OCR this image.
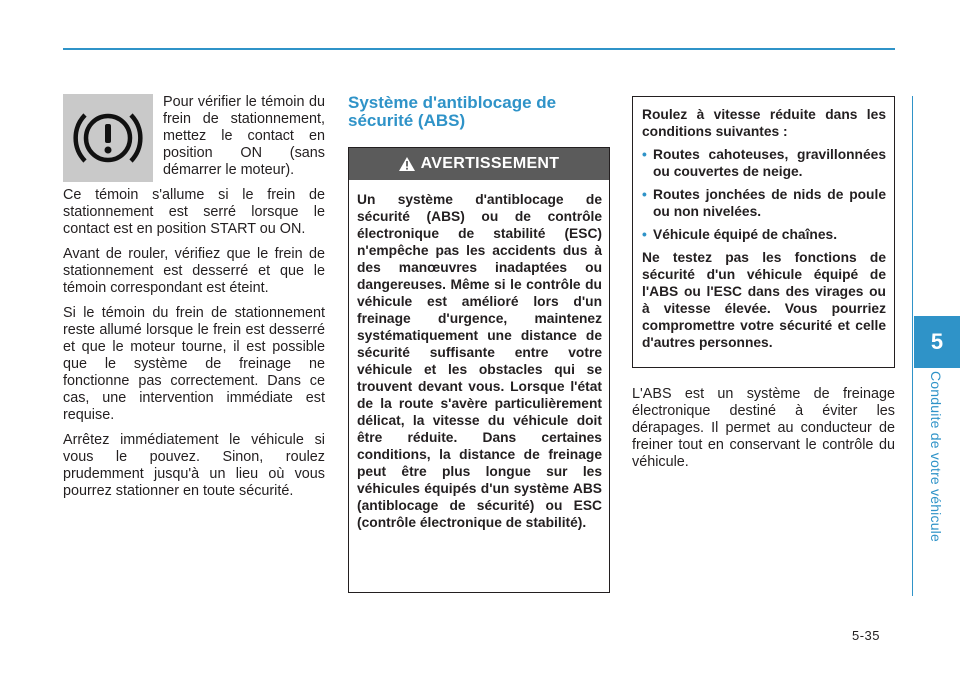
5
Conduite de votre véhicule

Pour vérifier le témoin du frein de stationnement, mettez le contact en position ON (sans démarrer le moteur).

Ce témoin s'allume si le frein de stationnement est serré lorsque le contact est en position START ou ON.

Avant de rouler, vérifiez que le frein de stationnement est desserré et que le témoin correspondant est éteint.

Si le témoin du frein de stationnement reste allumé lorsque le frein est desserré et que le moteur tourne, il est possible que le système de freinage ne fonctionne pas correctement. Dans ce cas, une intervention immédiate est requise.

Arrêtez immédiatement le véhicule si vous le pouvez. Sinon, roulez prudemment jusqu'à un lieu où vous pourrez stationner en toute sécurité.

Système d'antiblocage de sécurité (ABS)
AVERTISSEMENT
Un système d'antiblocage de sécurité (ABS) ou de contrôle électronique de stabilité (ESC) n'empêche pas les accidents dus à des manœuvres inadaptées ou dangereuses. Même si le contrôle du véhicule est amélioré lors d'un freinage d'urgence, maintenez systématiquement une distance de sécurité suffisante entre votre véhicule et les obstacles qui se trouvent devant vous. Lorsque l'état de la route s'avère particulièrement délicat, la vitesse du véhicule doit être réduite. Dans certaines conditions, la distance de freinage peut être plus longue sur les véhicules équipés d'un système ABS (antiblocage de sécurité) ou ESC (contrôle électronique de stabilité).

Roulez à vitesse réduite dans les conditions suivantes :

• Routes cahoteuses, gravillonnées ou couvertes de neige.
• Routes jonchées de nids de poule ou non nivelées.
• Véhicule équipé de chaînes.

Ne testez pas les fonctions de sécurité d'un véhicule équipé de l'ABS ou l'ESC dans des virages ou à vitesse élevée. Vous pourriez compromettre votre sécurité et celle d'autres personnes.

L'ABS est un système de freinage électronique destiné à éviter les dérapages. Il permet au conducteur de freiner tout en conservant le contrôle du véhicule.

5-35
